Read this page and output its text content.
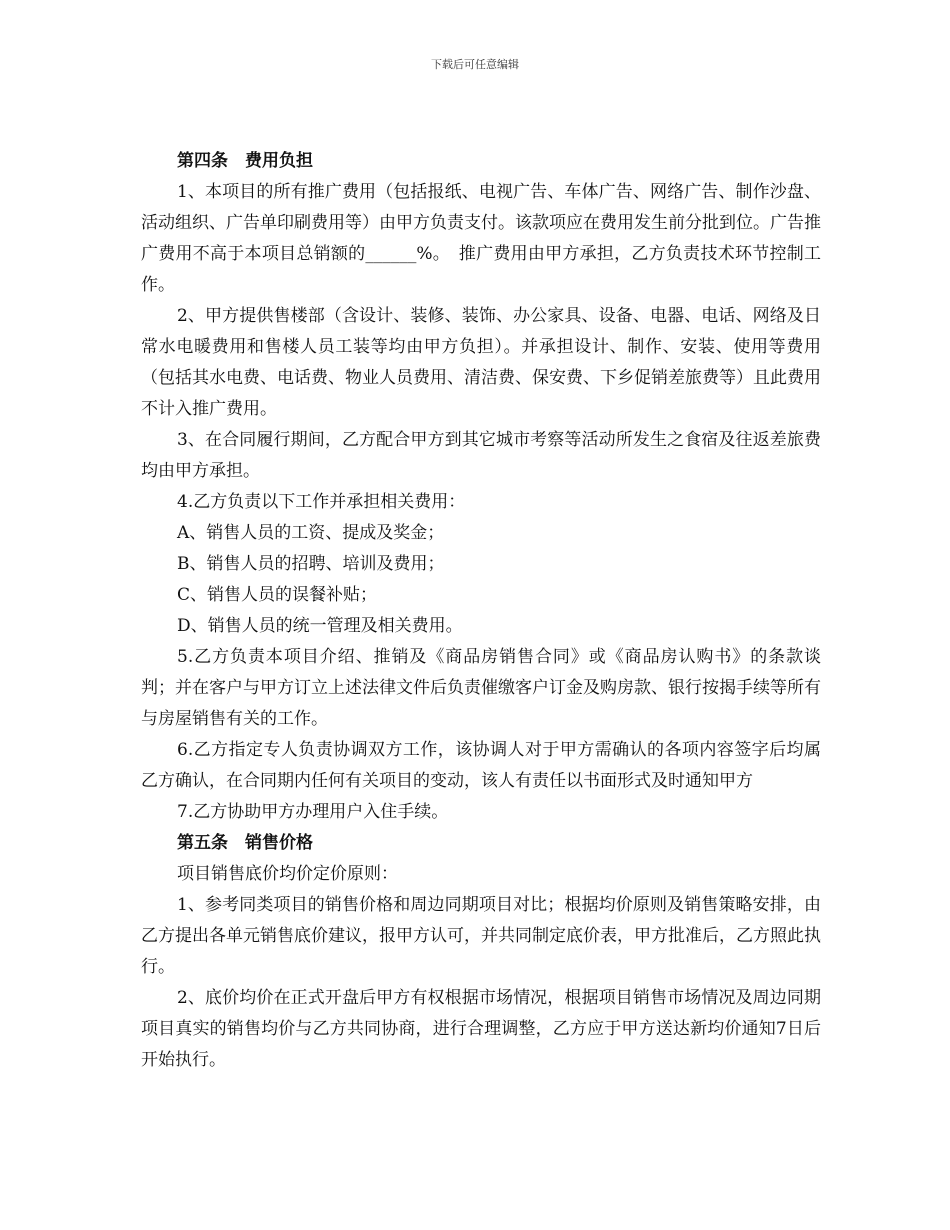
下载后可任意编辑

第四条　费用负担

1、本项目的所有推广费用（包括报纸、电视广告、车体广告、网络广告、制作沙盘、活动组织、广告单印刷费用等）由甲方负责支付。该款项应在费用发生前分批到位。广告推广费用不高于本项目总销额的______%。　推广费用由甲方承担，乙方负责技术环节控制工作。

2、甲方提供售楼部（含设计、装修、装饰、办公家具、设备、电器、电话、网络及日常水电暖费用和售楼人员工装等均由甲方负担）。并承担设计、制作、安装、使用等费用（包括其水电费、电话费、物业人员费用、清洁费、保安费、下乡促销差旅费等）且此费用不计入推广费用。

3、在合同履行期间，乙方配合甲方到其它城市考察等活动所发生之食宿及往返差旅费均由甲方承担。

4.乙方负责以下工作并承担相关费用：

A、销售人员的工资、提成及奖金；

B、销售人员的招聘、培训及费用；

C、销售人员的误餐补贴；

D、销售人员的统一管理及相关费用。

5.乙方负责本项目介绍、推销及《商品房销售合同》或《商品房认购书》的条款谈判；并在客户与甲方订立上述法律文件后负责催缴客户订金及购房款、银行按揭手续等所有与房屋销售有关的工作。

6.乙方指定专人负责协调双方工作，该协调人对于甲方需确认的各项内容签字后均属乙方确认，在合同期内任何有关项目的变动，该人有责任以书面形式及时通知甲方

7.乙方协助甲方办理用户入住手续。

第五条　销售价格

项目销售底价均价定价原则：

1、参考同类项目的销售价格和周边同期项目对比；根据均价原则及销售策略安排，由乙方提出各单元销售底价建议，报甲方认可，并共同制定底价表，甲方批准后，乙方照此执行。

2、底价均价在正式开盘后甲方有权根据市场情况，根据项目销售市场情况及周边同期项目真实的销售均价与乙方共同协商，进行合理调整，乙方应于甲方送达新均价通知7日后开始执行。
